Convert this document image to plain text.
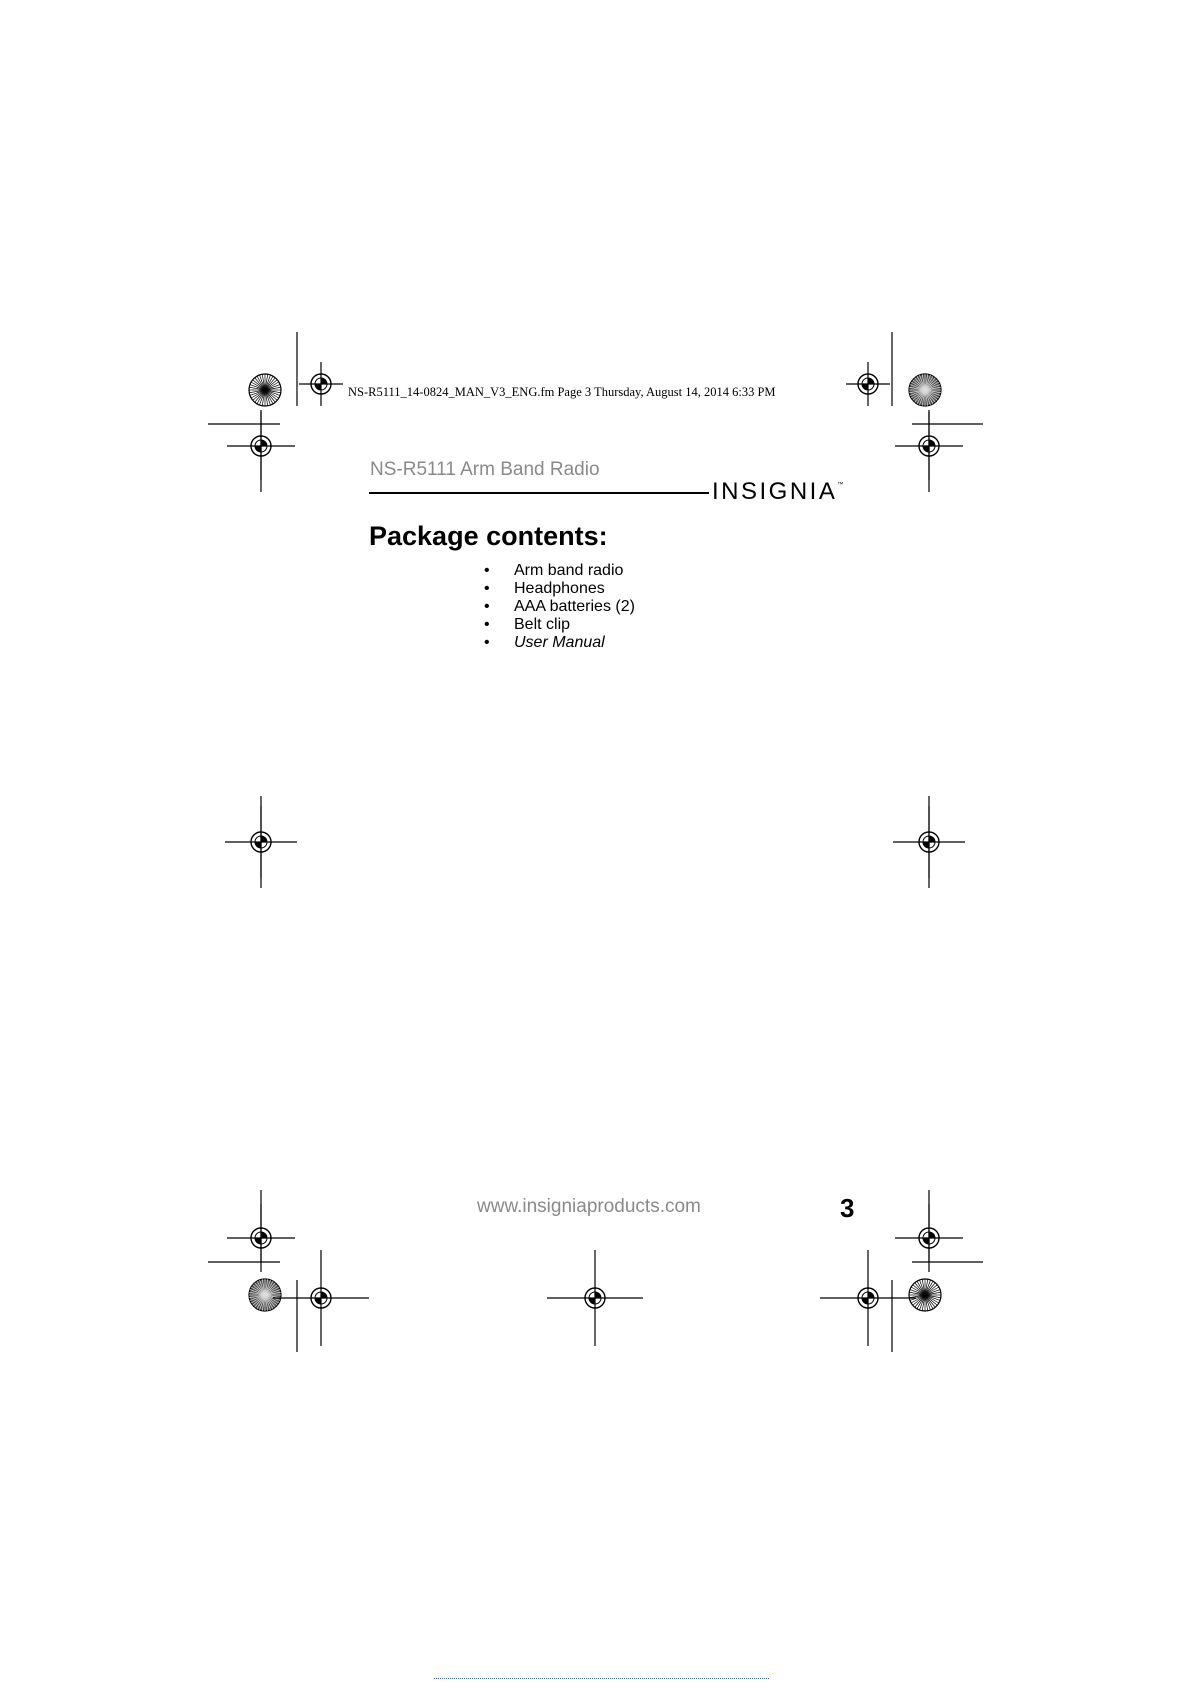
NS-R5111_14-0824_MAN_V3_ENG.fm Page 3 Thursday, August 14, 2014 6:33 PM
NS-R5111 Arm Band Radio
INSIGNIA™
Package contents:
• Arm band radio
• Headphones
• AAA batteries (2)
• Belt clip
• User Manual
www.insigniaproducts.com	3
